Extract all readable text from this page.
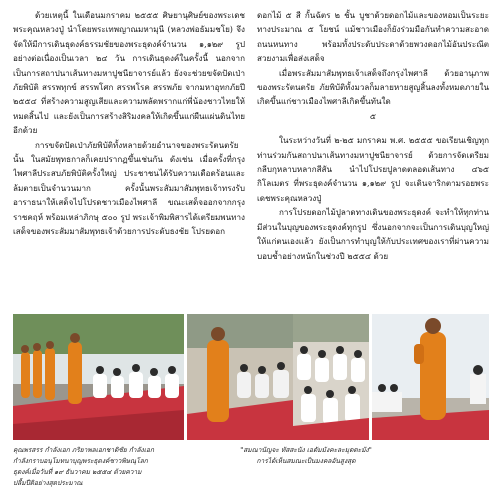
ด้วยเหตุนี้ ในเดือนมกราคม ๒๕๕๕ ศิษยานุศิษย์ของพระเดชพระคุณหลวงปู่ นำโดยพระเทพญาณมหามุนี (หลวงพ่อธัมมชโย) จึงจัดให้มีการเดินธุดงค์ธรรมชัยของพระธุดงค์จำนวน ๑,๑๒๙ รูป อย่างต่อเนื่องเป็นเวลา ๒๔ วัน การเดินธุดงค์ในครั้งนี้ นอกจากเป็นการสถาปนาเส้นทางมหาปูชนียาจารย์แล้ว ยังจะช่วยขจัดปัดเป่าภัยพิบัติ สรรพทุกข์ สรรพโศก สรรพโรค สรรพภัย จากมหาอุทกภัยปี ๒๕๕๔ ที่สร้างความสูญเสียและความพลัดพรากแก่พี่น้องชาวไทยให้หมดสิ้นไป และยังเป็นการสร้างสิริมงคลให้เกิดขึ้นแก่ผืนแผ่นดินไทยอีกด้วย

การขจัดปัดเป่าภัยพิบัติทั้งหลายด้วยอำนาจของพระรัตนตรัยนั้น ในสมัยพุทธกาลก็เคยปรากฏขึ้นเช่นกัน ดังเช่น เมื่อครั้งที่กรุงไพศาลีประสบภัยพิบัติครั้งใหญ่ ประชาชนได้รับความเดือดร้อนและล้มตายเป็นจำนวนมาก ครั้งนั้นพระสัมมาสัมพุทธเจ้าทรงรับอาราธนาให้เสด็จไปโปรดชาวเมืองไพศาลี ขณะเสด็จออกจากกรุงราชคฤห์ พร้อมเหล่าภิกษุ ๕๐๐ รูป พระเจ้าพิมพิสารได้เตรียมพนทางเสด็จของพระสัมมาสัมพุทธเจ้าด้วยการประดับธงชัย โปรยดอก

ดอกไม้ ๕ สี กั้นฉัตร ๒ ชั้น บูชาด้วยดอกไม้และของหอมเป็นระยะทางประมาณ ๕ โยชน์ แม้ชาวเมืองก็ยังร่วมมือกันทำความสะอาดถนนหนทาง พร้อมทั้งประดับประดาด้วยพวงดอกไม้อันประณีตสวยงามเพื่อส่งเสด็จ

เมื่อพระสัมมาสัมพุทธเจ้าเสด็จถึงกรุงไพศาลี ด้วยอานุภาพของพระรัตนตรัย ภัยพิบัติทั้งมวลก็มลายหายสูญสิ้นลงทั้งหมดภายในเกิดขึ้นแก่ชาวเมืองไพศาลีเกิดขึ้นทันใด

๕

ในระหว่างวันที่ ๒-๒๕ มกราคม พ.ศ. ๒๕๕๕ ขอเรียนเชิญทุกท่านร่วมกันสถาปนาเส้นทางมหาปูชนียาจารย์ ด้วยการจัดเตรียมกลีบกุหลาบหลากสีสัน นำไปโปรยปูลาดตลอดเส้นทาง ๔๖๕ กิโลเมตร ที่พระธุดงค์จำนวน ๑,๑๒๙ รูป จะเดินจาริกตามรอยพระเดชพระคุณหลวงปู่

การโปรยดอกไม้ปูลาดทางเดินของพระธุดงค์ จะทำให้ทุกท่านมีส่วนในบุญของพระธุดงค์ทุกรูป ซึ่งนอกจากจะเป็นการเดินบุญใหญ่ให้แก่ตนเองแล้ว ยังเป็นการทำบุญให้กับประเทศของเราที่ผ่านความบอบช้ำอย่างหนักในช่วงปี ๒๕๕๔ ด้วย

คุณพรสรร กำลังเอก ภริยาพลเอกชาติชัย กำลังเอก
กำลังกราบอนุโมทนาบุญพระธุดงค์ชาวพิษณุโลก
ธุดงค์เมื่อวันที่ ๑๙ ธันวาคม ๒๕๕๔ ด้วยความ
ปลื้มปีติอย่างสุดประมาณ
"สมณานัญจะ ทัสสะนัง เอตัมมังคะละมุตตะมัง"
การได้เห็นสมณะเป็นมงคลอันสูงสุด
